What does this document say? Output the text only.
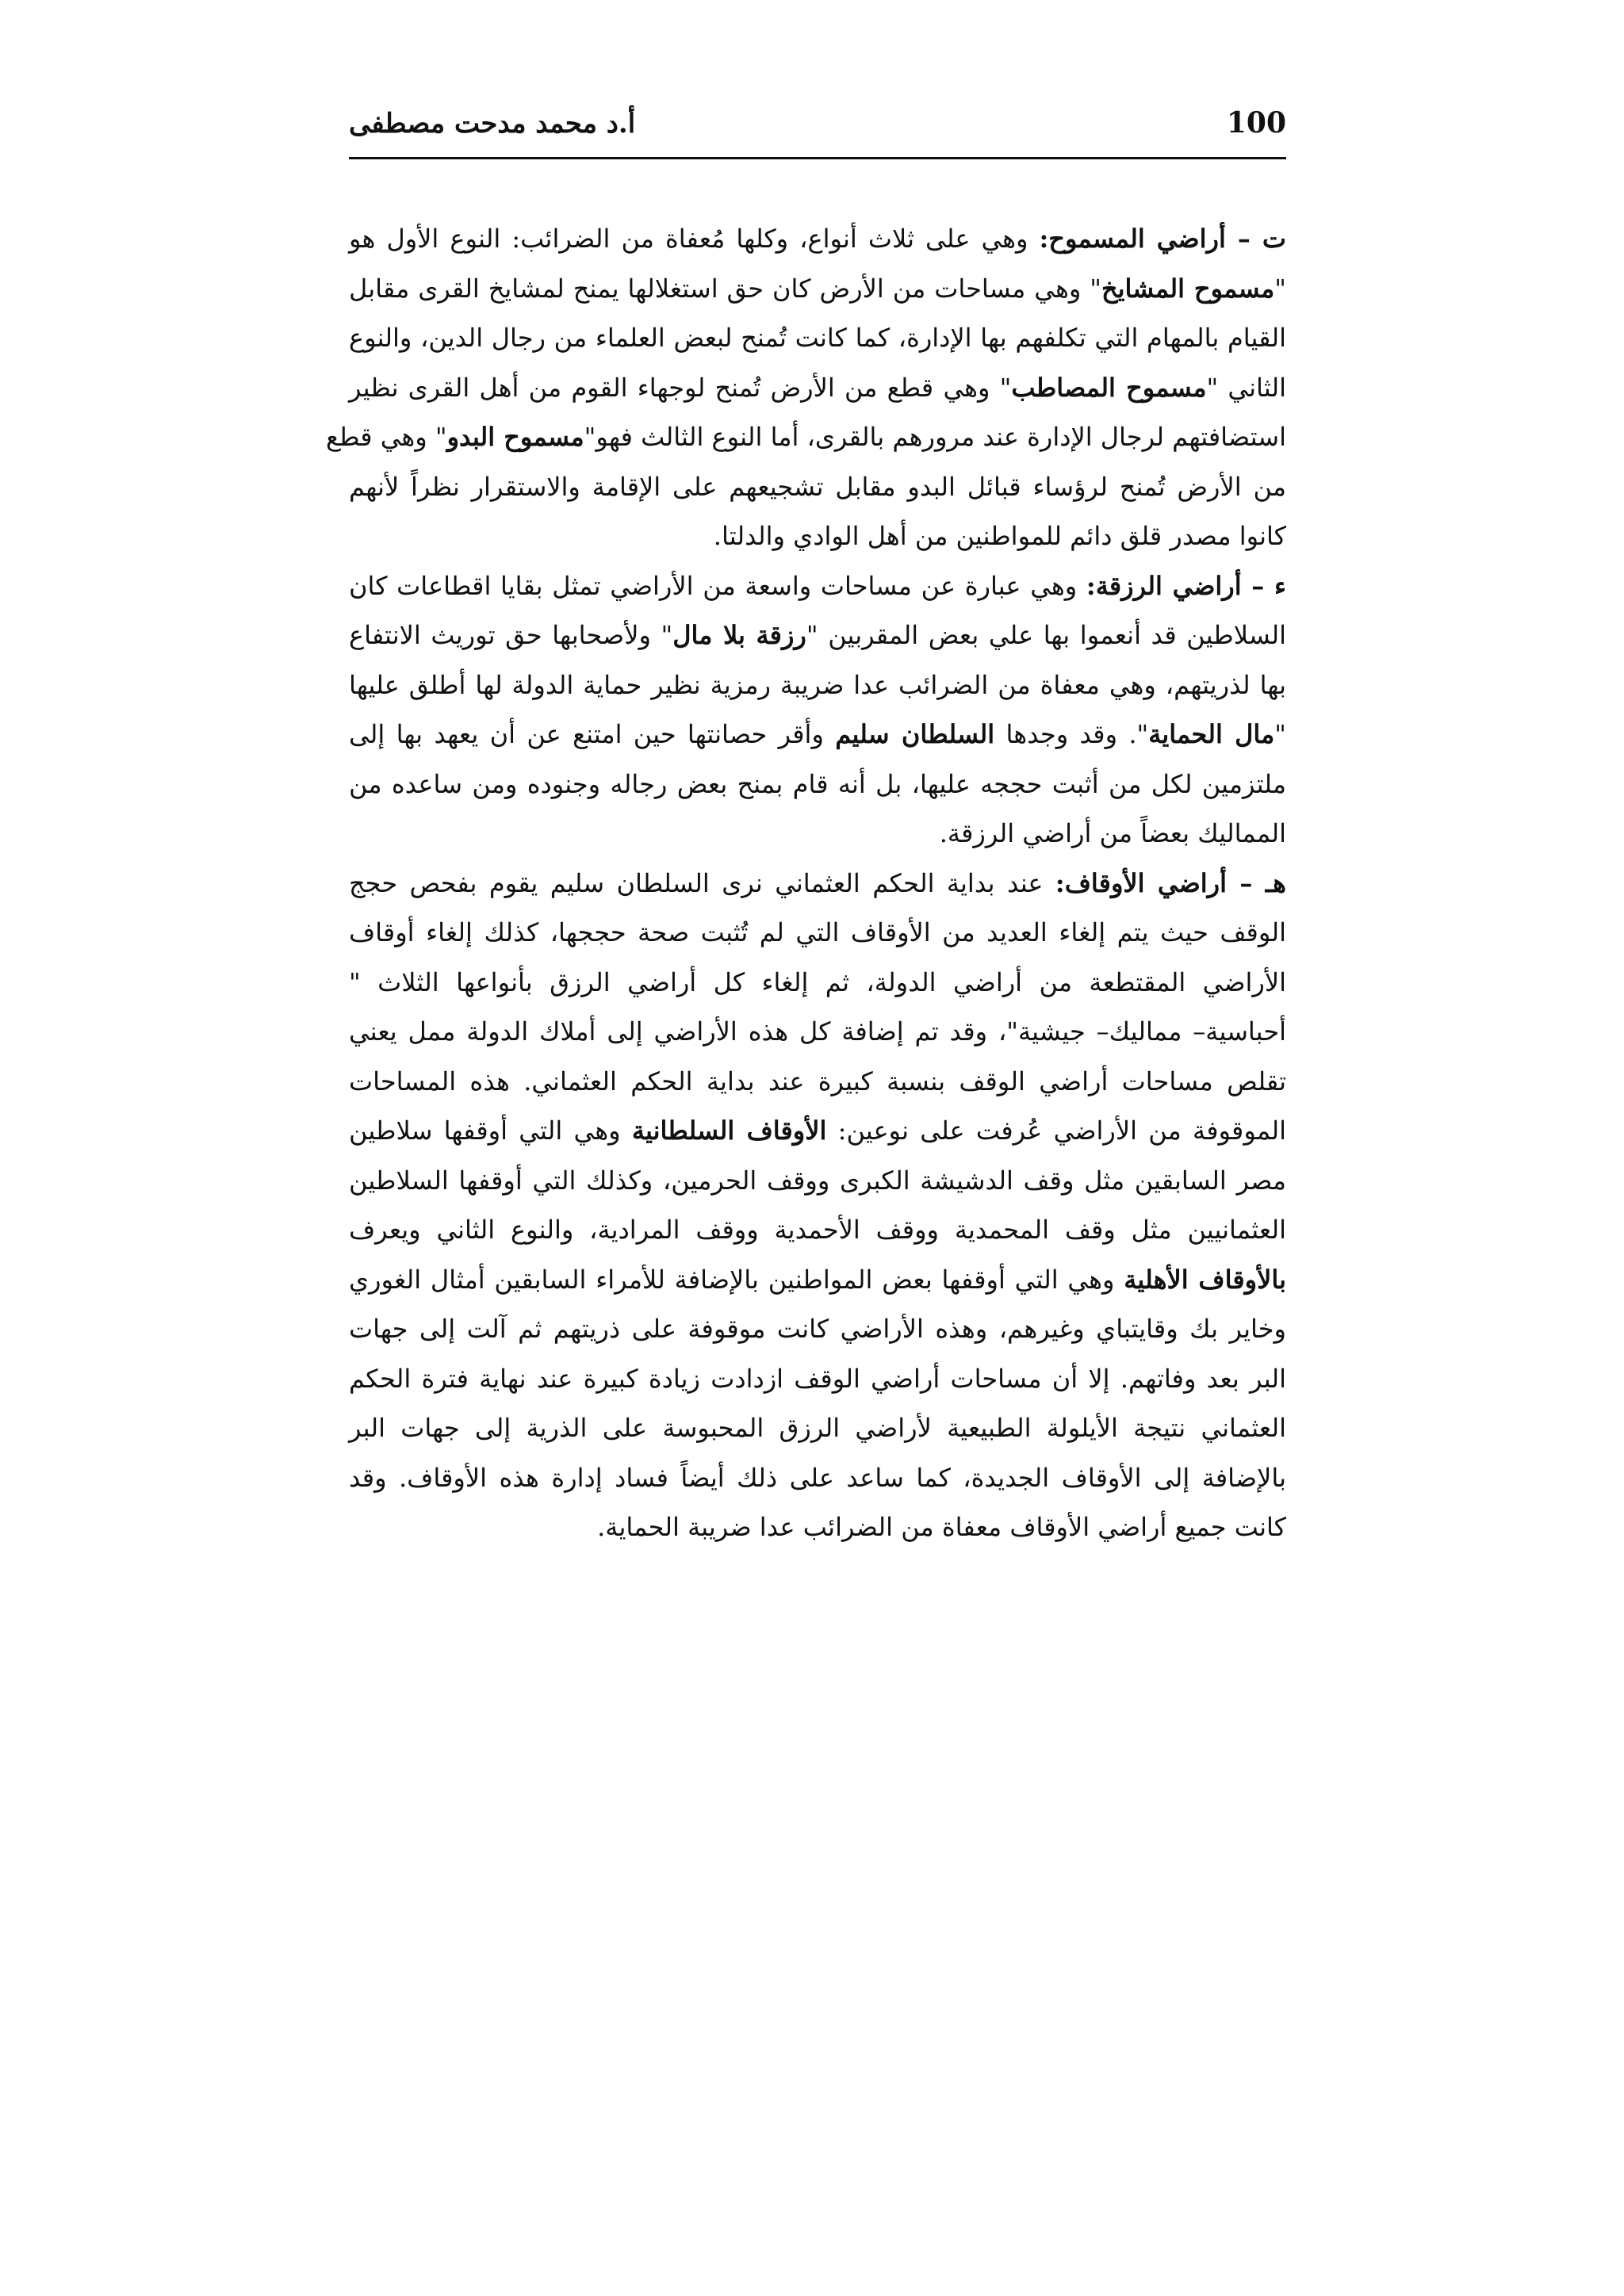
100
أ.د محمد مدحت مصطفى
ت – أراضي المسموح: وهي على ثلاث أنواع، وكلها مُعفاة من الضرائب: النوع الأول هو
"مسموح المشايخ" وهي مساحات من الأرض كان حق استغلالها يمنح لمشايخ القرى مقابل
القيام بالمهام التي تكلفهم بها الإدارة، كما كانت تُمنح لبعض العلماء من رجال الدين، والنوع
الثاني "مسموح المصاطب" وهي قطع من الأرض تُمنح لوجهاء القوم من أهل القرى نظير
استضافتهم لرجال الإدارة عند مرورهم بالقرى، أما النوع الثالث فهو"مسموح البدو" وهي قطع
من الأرض تُمنح لرؤساء قبائل البدو مقابل تشجيعهم على الإقامة والاستقرار نظراً لأنهم
كانوا مصدر قلق دائم للمواطنين من أهل الوادي والدلتا.
ء – أراضي الرزقة: وهي عبارة عن مساحات واسعة من الأراضي تمثل بقايا اقطاعات كان
السلاطين قد أنعموا بها علي بعض المقربين "رزقة بلا مال" ولأصحابها حق توريث الانتفاع
بها لذريتهم، وهي معفاة من الضرائب عدا ضريبة رمزية نظير حماية الدولة لها أطلق عليها
"مال الحماية". وقد وجدها السلطان سليم وأقر حصانتها حين امتنع عن أن يعهد بها إلى
ملتزمين لكل من أثبت حججه عليها، بل أنه قام بمنح بعض رجاله وجنوده ومن ساعده من
المماليك بعضاً من أراضي الرزقة.
هـ – أراضي الأوقاف: عند بداية الحكم العثماني نرى السلطان سليم يقوم بفحص حجج
الوقف حيث يتم إلغاء العديد من الأوقاف التي لم تُثبت صحة حججها، كذلك إلغاء أوقاف
الأراضي المقتطعة من أراضي الدولة، ثم إلغاء كل أراضي الرزق بأنواعها الثلاث "
أحباسية– مماليك– جيشية"، وقد تم إضافة كل هذه الأراضي إلى أملاك الدولة ممل يعني
تقلص مساحات أراضي الوقف بنسبة كبيرة عند بداية الحكم العثماني. هذه المساحات
الموقوفة من الأراضي عُرفت على نوعين: الأوقاف السلطانية وهي التي أوقفها سلاطين
مصر السابقين مثل وقف الدشيشة الكبرى ووقف الحرمين، وكذلك التي أوقفها السلاطين
العثمانيين مثل وقف المحمدية ووقف الأحمدية ووقف المرادية، والنوع الثاني ويعرف
بالأوقاف الأهلية وهي التي أوقفها بعض المواطنين بالإضافة للأمراء السابقين أمثال الغوري
وخاير بك وقايتباي وغيرهم، وهذه الأراضي كانت موقوفة على ذريتهم ثم آلت إلى جهات
البر بعد وفاتهم. إلا أن مساحات أراضي الوقف ازدادت زيادة كبيرة عند نهاية فترة الحكم
العثماني نتيجة الأيلولة الطبيعية لأراضي الرزق المحبوسة على الذرية إلى جهات البر
بالإضافة إلى الأوقاف الجديدة، كما ساعد على ذلك أيضاً فساد إدارة هذه الأوقاف. وقد
كانت جميع أراضي الأوقاف معفاة من الضرائب عدا ضريبة الحماية.
